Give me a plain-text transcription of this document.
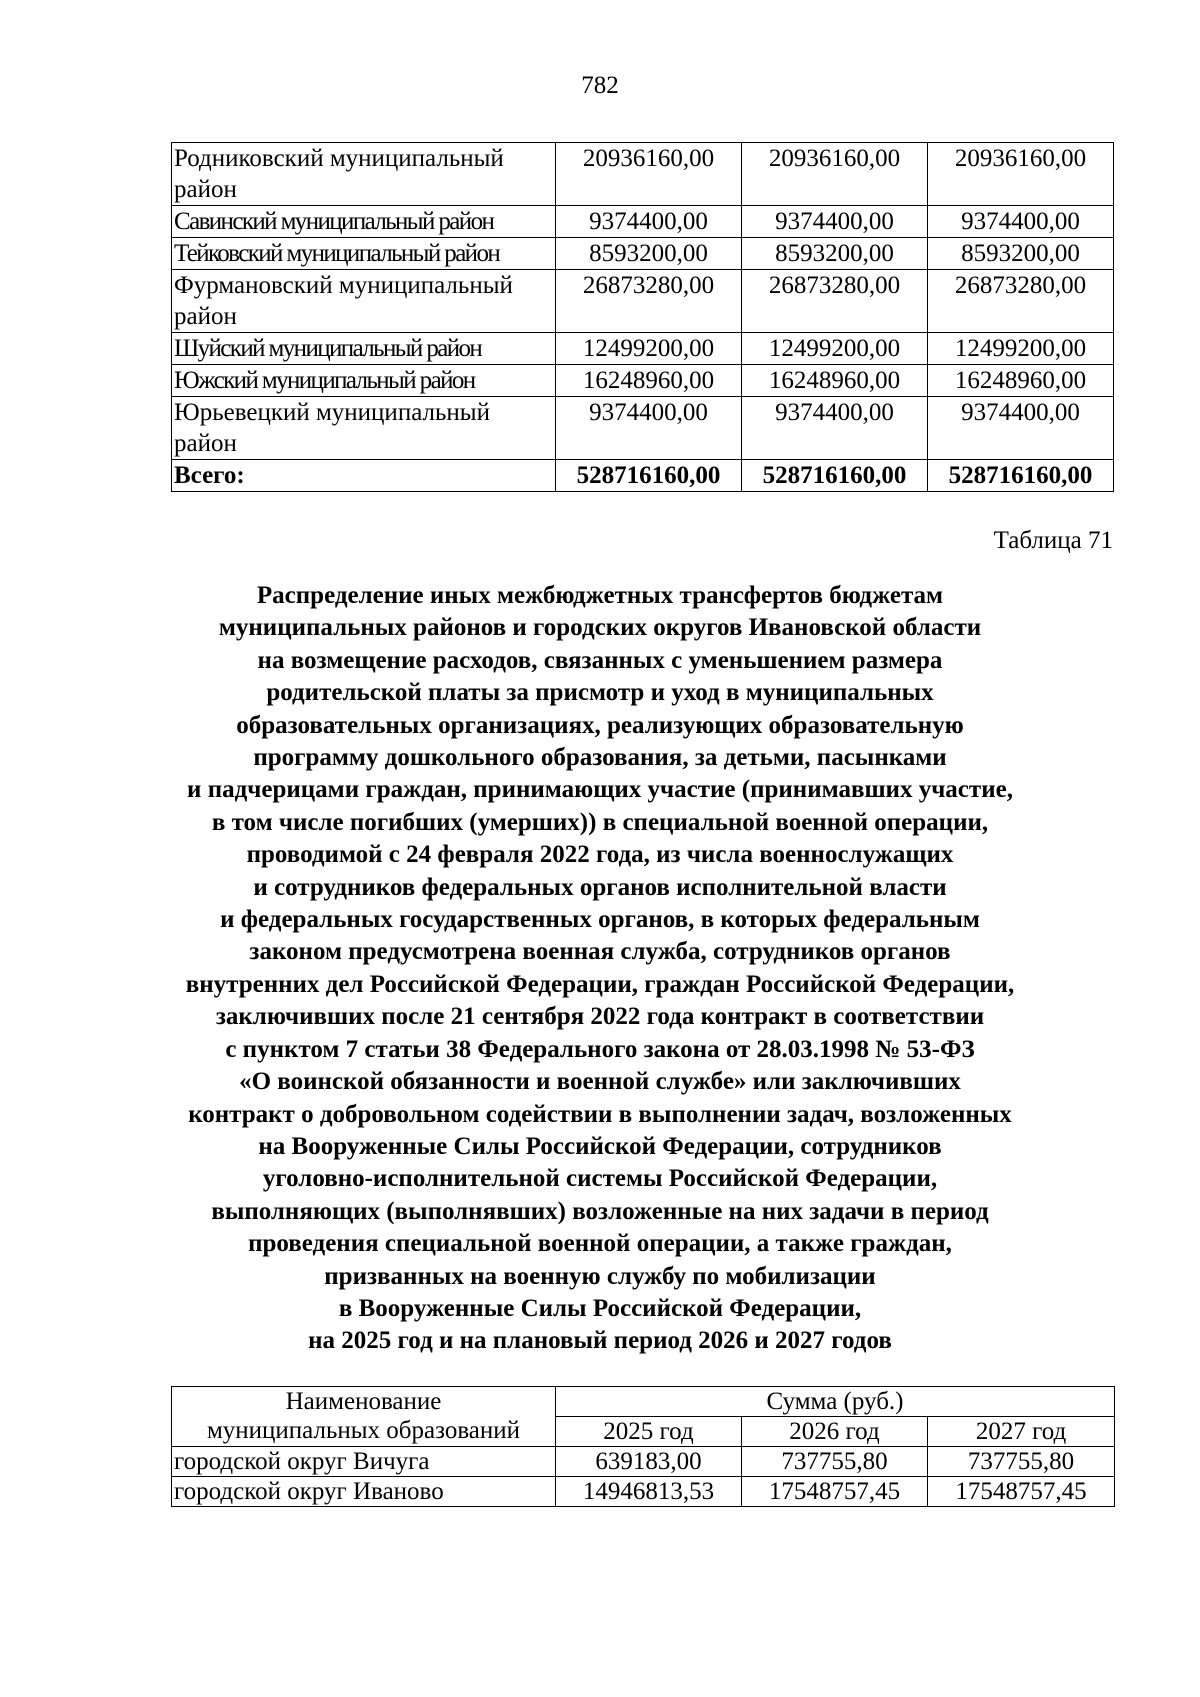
782
Родниковский муниципальный район	20936160,00	20936160,00	20936160,00
Савинский муниципальный район	9374400,00	9374400,00	9374400,00
Тейковский муниципальный район	8593200,00	8593200,00	8593200,00
Фурмановский муниципальный район	26873280,00	26873280,00	26873280,00
Шуйский муниципальный район	12499200,00	12499200,00	12499200,00
Южский муниципальный район	16248960,00	16248960,00	16248960,00
Юрьевецкий муниципальный район	9374400,00	9374400,00	9374400,00
Всего:	528716160,00	528716160,00	528716160,00
Таблица 71
Распределение иных межбюджетных трансфертов бюджетам
муниципальных районов и городских округов Ивановской области
на возмещение расходов, связанных с уменьшением размера
родительской платы за присмотр и уход в муниципальных
образовательных организациях, реализующих образовательную
программу дошкольного образования, за детьми, пасынками
и падчерицами граждан, принимающих участие (принимавших участие,
в том числе погибших (умерших)) в специальной военной операции,
проводимой с 24 февраля 2022 года, из числа военнослужащих
и сотрудников федеральных органов исполнительной власти
и федеральных государственных органов, в которых федеральным
законом предусмотрена военная служба, сотрудников органов
внутренних дел Российской Федерации, граждан Российской Федерации,
заключивших после 21 сентября 2022 года контракт в соответствии
с пунктом 7 статьи 38 Федерального закона от 28.03.1998 № 53-ФЗ
«О воинской обязанности и военной службе» или заключивших
контракт о добровольном содействии в выполнении задач, возложенных
на Вооруженные Силы Российской Федерации, сотрудников
уголовно-исполнительной системы Российской Федерации,
выполняющих (выполнявших) возложенные на них задачи в период
проведения специальной военной операции, а также граждан,
призванных на военную службу по мобилизации
в Вооруженные Силы Российской Федерации,
на 2025 год и на плановый период 2026 и 2027 годов
Наименование
муниципальных образований	Сумма (руб.)		
	2025 год	2026 год	2027 год
городской округ Вичуга	639183,00	737755,80	737755,80
городской округ Иваново	14946813,53	17548757,45	17548757,45
